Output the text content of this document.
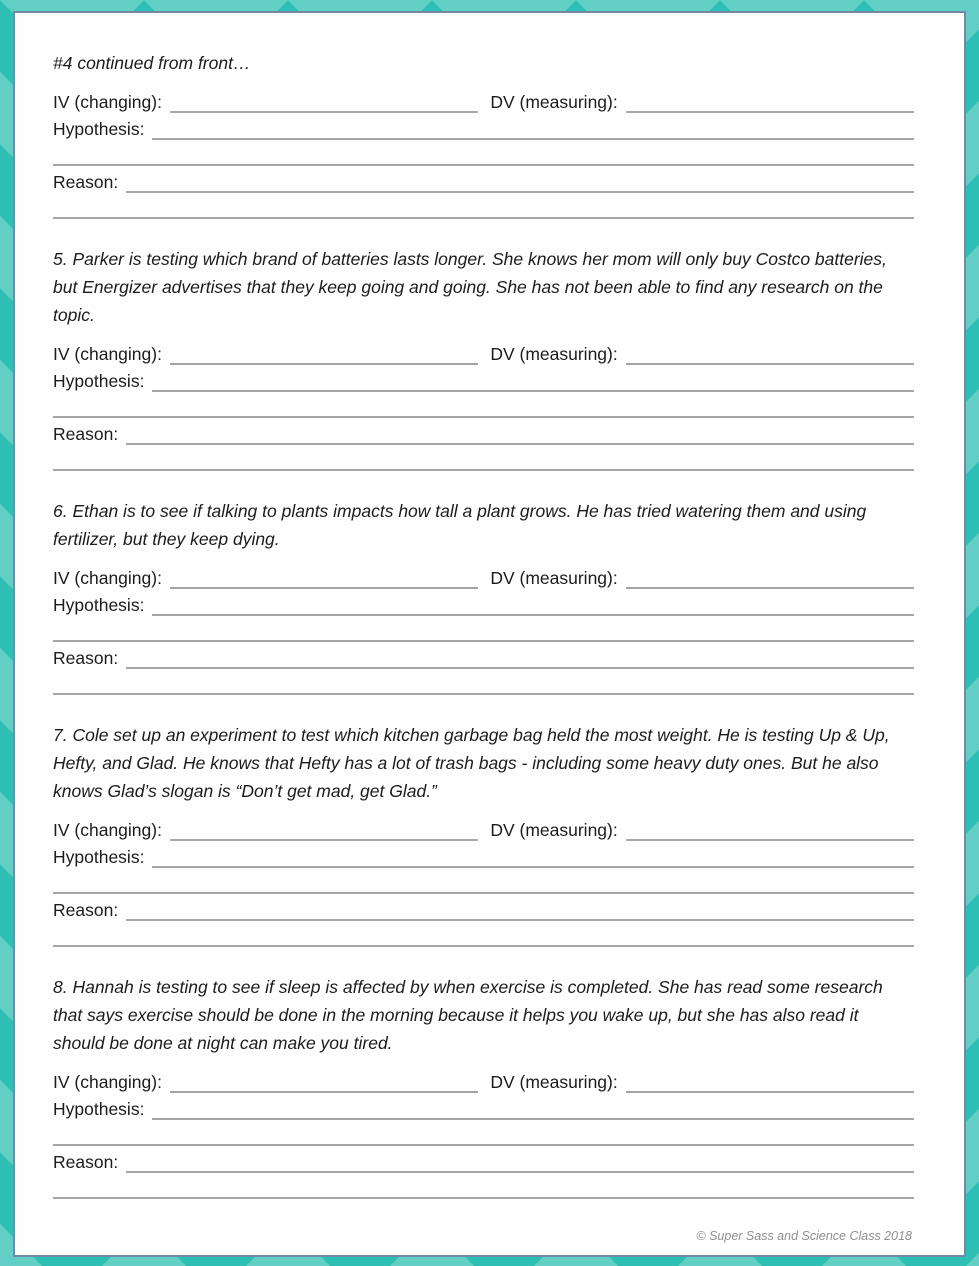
#4 continued from front…

IV (changing):	DV (measuring):
Hypothesis:
Reason:

5. Parker is testing which brand of batteries lasts longer. She knows her mom will only buy Costco batteries, but Energizer advertises that they keep going and going. She has not been able to find any research on the topic.

IV (changing):	DV (measuring):
Hypothesis:
Reason:

6. Ethan is to see if talking to plants impacts how tall a plant grows. He has tried watering them and using fertilizer, but they keep dying.

IV (changing):	DV (measuring):
Hypothesis:
Reason:

7. Cole set up an experiment to test which kitchen garbage bag held the most weight. He is testing Up & Up, Hefty, and Glad. He knows that Hefty has a lot of trash bags - including some heavy duty ones. But he also knows Glad’s slogan is “Don’t get mad, get Glad.”

IV (changing):	DV (measuring):
Hypothesis:
Reason:

8. Hannah is testing to see if sleep is affected by when exercise is completed. She has read some research that says exercise should be done in the morning because it helps you wake up, but she has also read it should be done at night can make you tired.

IV (changing):	DV (measuring):
Hypothesis:
Reason:
© Super Sass and Science Class 2018
